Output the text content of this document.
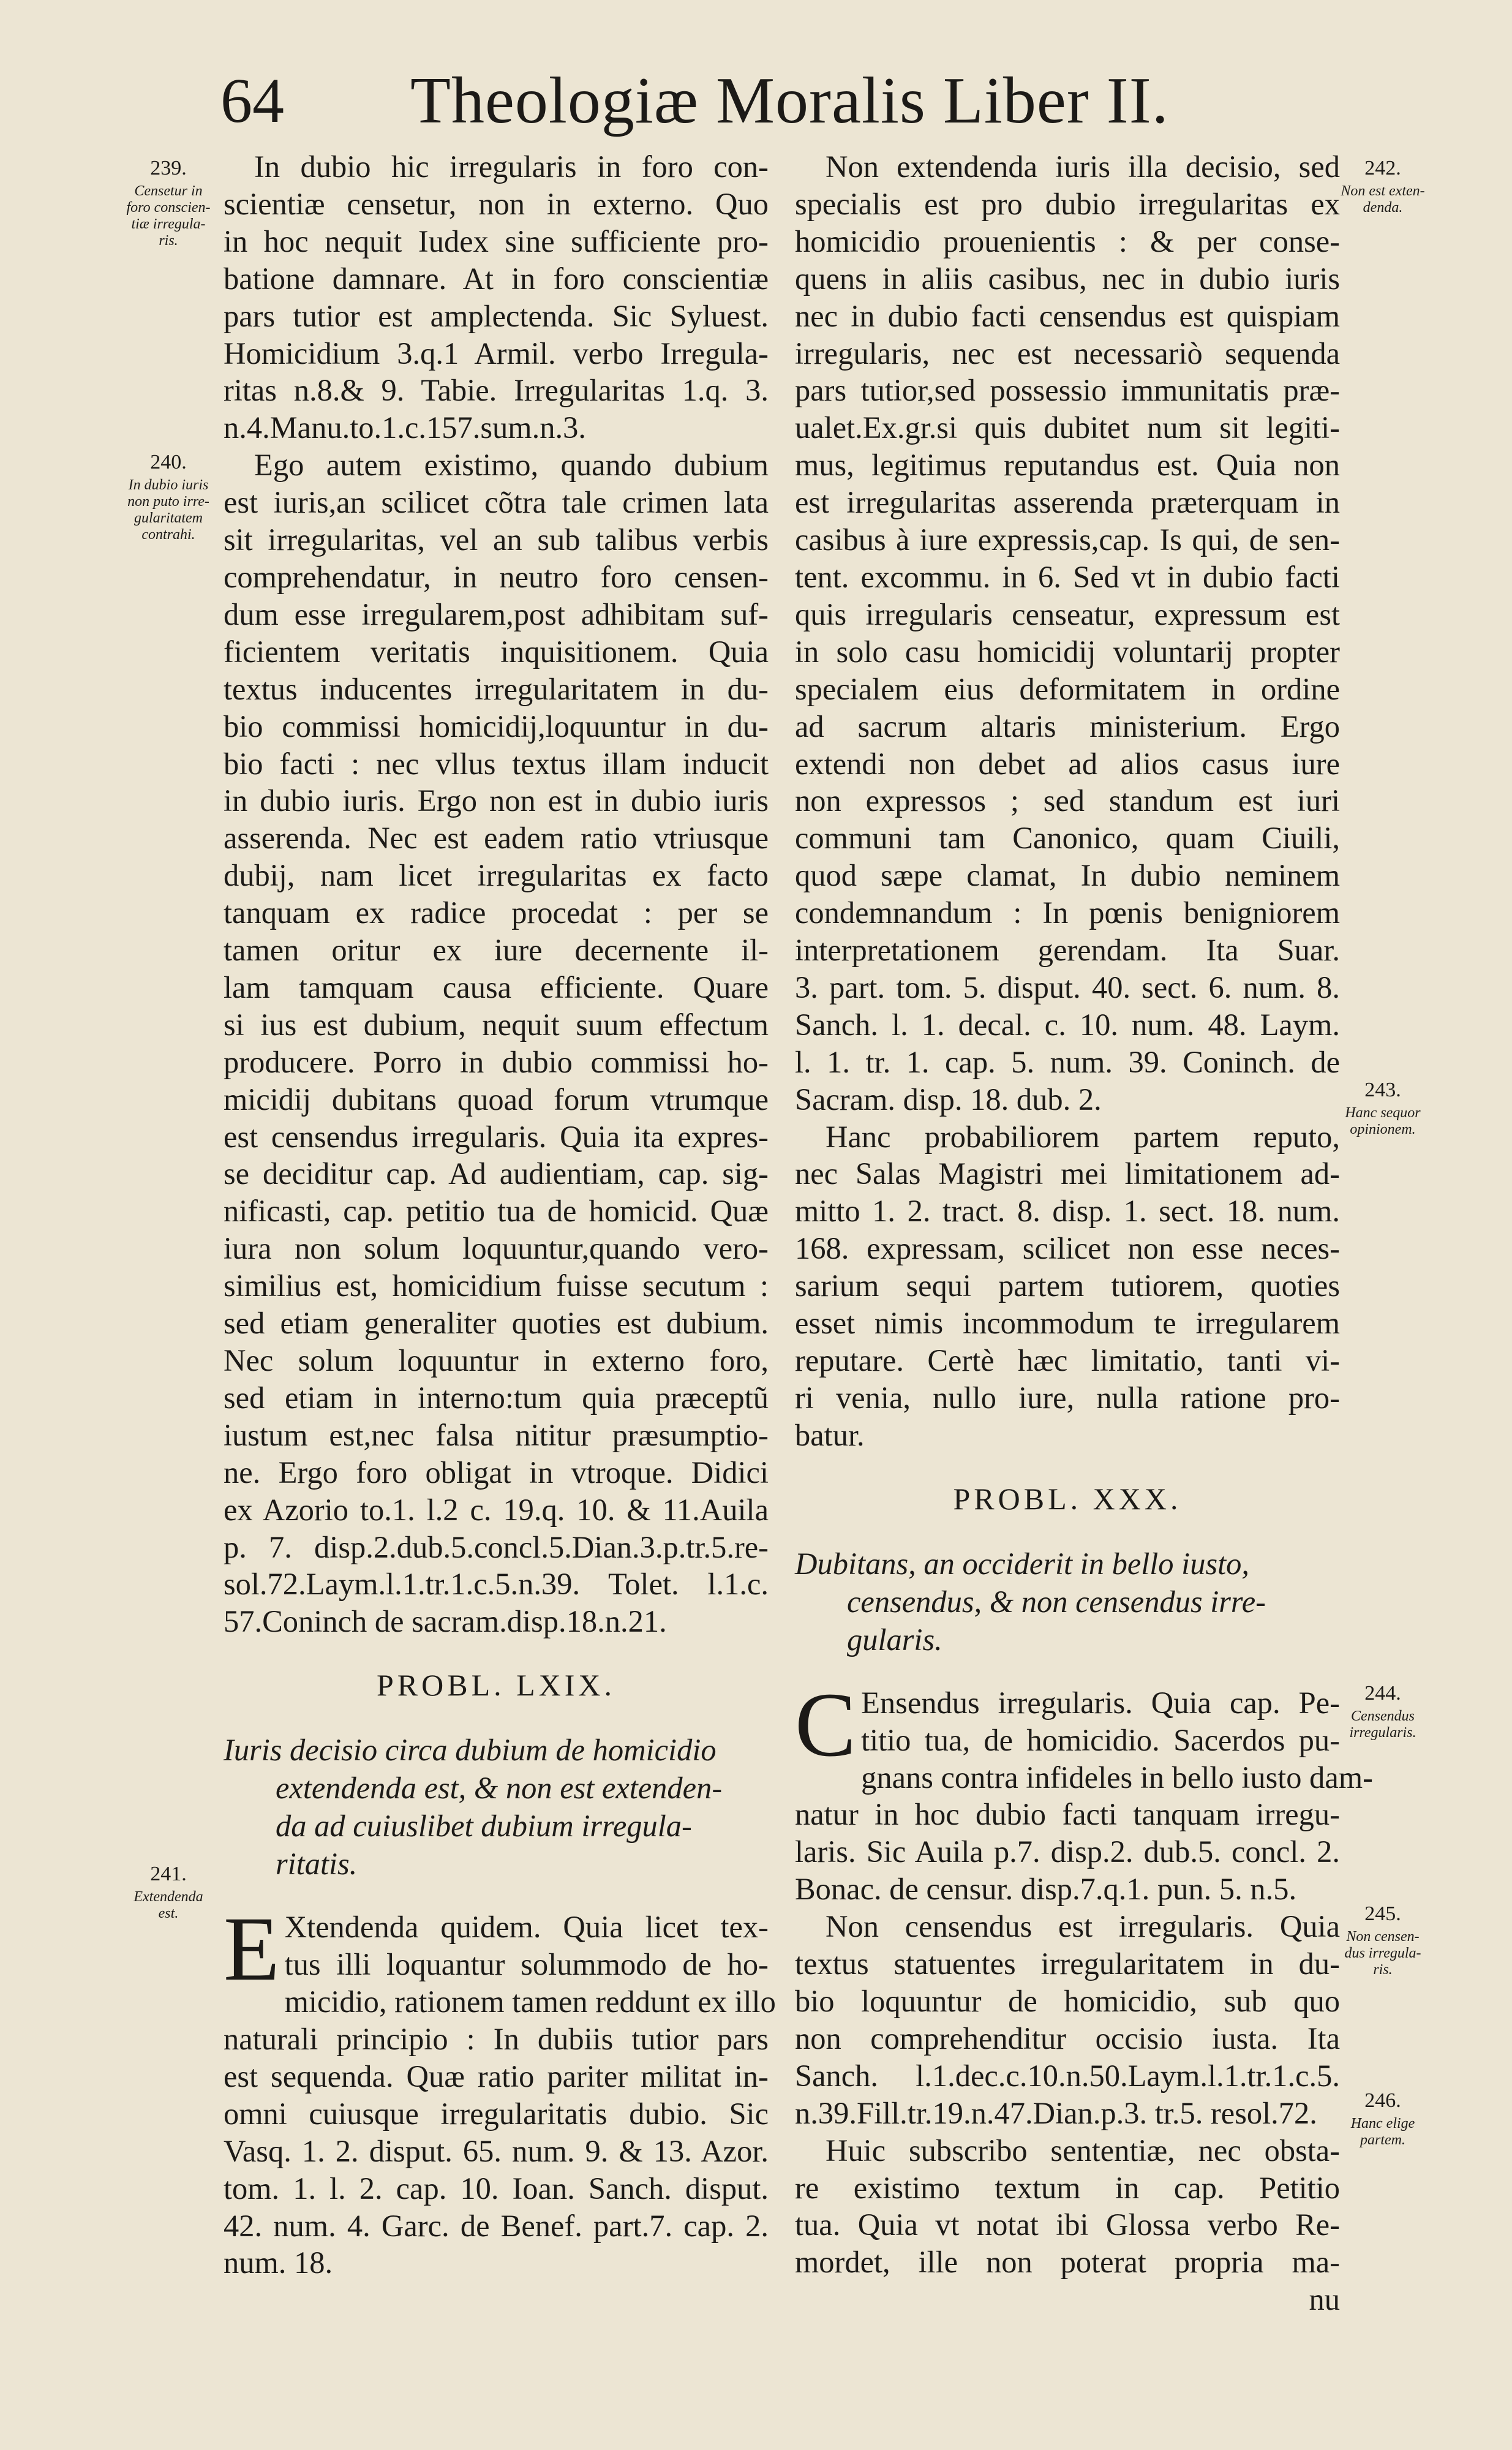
64 Theologiæ Moralis Liber II.
239.
Censetur in
foro conscien-
tiæ irregula-
ris.
240.
In dubio iuris
non puto irre-
gularitatem
contrahi.
241.
Extendenda
est.
242.
Non est exten-
denda.
243.
Hanc sequor
opinionem.
244.
Censendus
irregularis.
245.
Non censen-
dus irregula-
ris.
246.
Hanc elige
partem.
In dubio hic irregularis in foro con-
scientiæ censetur, non in externo. Quo
in hoc nequit Iudex sine sufficiente pro-
batione damnare. At in foro conscientiæ
pars tutior est amplectenda. Sic Syluest.
Homicidium 3.q.1 Armil. verbo Irregula-
ritas n.8.& 9. Tabie. Irregularitas 1.q. 3.
n.4.Manu.to.1.c.157.sum.n.3.
Ego autem existimo, quando dubium
est iuris,an scilicet cõtra tale crimen lata
sit irregularitas, vel an sub talibus verbis
comprehendatur, in neutro foro censen-
dum esse irregularem,post adhibitam suf-
ficientem veritatis inquisitionem. Quia
textus inducentes irregularitatem in du-
bio commissi homicidij,loquuntur in du-
bio facti : nec vllus textus illam inducit
in dubio iuris. Ergo non est in dubio iuris
asserenda. Nec est eadem ratio vtriusque
dubij, nam licet irregularitas ex facto
tanquam ex radice procedat : per se
tamen oritur ex iure decernente il-
lam tamquam causa efficiente. Quare
si ius est dubium, nequit suum effectum
producere. Porro in dubio commissi ho-
micidij dubitans quoad forum vtrumque
est censendus irregularis. Quia ita expres-
se deciditur cap. Ad audientiam, cap. sig-
nificasti, cap. petitio tua de homicid. Quæ
iura non solum loquuntur,quando vero-
similius est, homicidium fuisse secutum :
sed etiam generaliter quoties est dubium.
Nec solum loquuntur in externo foro,
sed etiam in interno:tum quia præceptũ
iustum est,nec falsa nititur præsumptio-
ne. Ergo foro obligat in vtroque. Didici
ex Azorio to.1. l.2 c. 19.q. 10. & 11.Auila
p. 7. disp.2.dub.5.concl.5.Dian.3.p.tr.5.re-
sol.72.Laym.l.1.tr.1.c.5.n.39. Tolet. l.1.c.
57.Coninch de sacram.disp.18.n.21.
PROBL. LXIX.
Iuris decisio circa dubium de homicidio
extendenda est, & non est extenden-
da ad cuiuslibet dubium irregula-
ritatis.
E Xtendenda quidem. Quia licet tex-
tus illi loquantur solummodo de ho-
micidio, rationem tamen reddunt ex illo
naturali principio : In dubiis tutior pars
est sequenda. Quæ ratio pariter militat in-
omni cuiusque irregularitatis dubio. Sic
Vasq. 1. 2. disput. 65. num. 9. & 13. Azor.
tom. 1. l. 2. cap. 10. Ioan. Sanch. disput.
42. num. 4. Garc. de Benef. part.7. cap. 2.
num. 18.
Non extendenda iuris illa decisio, sed
specialis est pro dubio irregularitas ex
homicidio prouenientis : & per conse-
quens in aliis casibus, nec in dubio iuris
nec in dubio facti censendus est quispiam
irregularis, nec est necessariò sequenda
pars tutior,sed possessio immunitatis præ-
ualet.Ex.gr.si quis dubitet num sit legiti-
mus, legitimus reputandus est. Quia non
est irregularitas asserenda præterquam in
casibus à iure expressis,cap. Is qui, de sen-
tent. excommu. in 6. Sed vt in dubio facti
quis irregularis censeatur, expressum est
in solo casu homicidij voluntarij propter
specialem eius deformitatem in ordine
ad sacrum altaris ministerium. Ergo
extendi non debet ad alios casus iure
non expressos ; sed standum est iuri
communi tam Canonico, quam Ciuili,
quod sæpe clamat, In dubio neminem
condemnandum : In pœnis benigniorem
interpretationem gerendam. Ita Suar.
3. part. tom. 5. disput. 40. sect. 6. num. 8.
Sanch. l. 1. decal. c. 10. num. 48. Laym.
l. 1. tr. 1. cap. 5. num. 39. Coninch. de
Sacram. disp. 18. dub. 2.
Hanc probabiliorem partem reputo,
nec Salas Magistri mei limitationem ad-
mitto 1. 2. tract. 8. disp. 1. sect. 18. num.
168. expressam, scilicet non esse neces-
sarium sequi partem tutiorem, quoties
esset nimis incommodum te irregularem
reputare. Certè hæc limitatio, tanti vi-
ri venia, nullo iure, nulla ratione pro-
batur.
PROBL. XXX.
Dubitans, an occiderit in bello iusto,
censendus, & non censendus irre-
gularis.
C Ensendus irregularis. Quia cap. Pe-
titio tua, de homicidio. Sacerdos pu-
gnans contra infideles in bello iusto dam-
natur in hoc dubio facti tanquam irregu-
laris. Sic Auila p.7. disp.2. dub.5. concl. 2.
Bonac. de censur. disp.7.q.1. pun. 5. n.5.
Non censendus est irregularis. Quia
textus statuentes irregularitatem in du-
bio loquuntur de homicidio, sub quo
non comprehenditur occisio iusta. Ita
Sanch. l.1.dec.c.10.n.50.Laym.l.1.tr.1.c.5.
n.39.Fill.tr.19.n.47.Dian.p.3. tr.5. resol.72.
Huic subscribo sententiæ, nec obsta-
re existimo textum in cap. Petitio
tua. Quia vt notat ibi Glossa verbo Re-
mordet, ille non poterat propria ma-
nu
